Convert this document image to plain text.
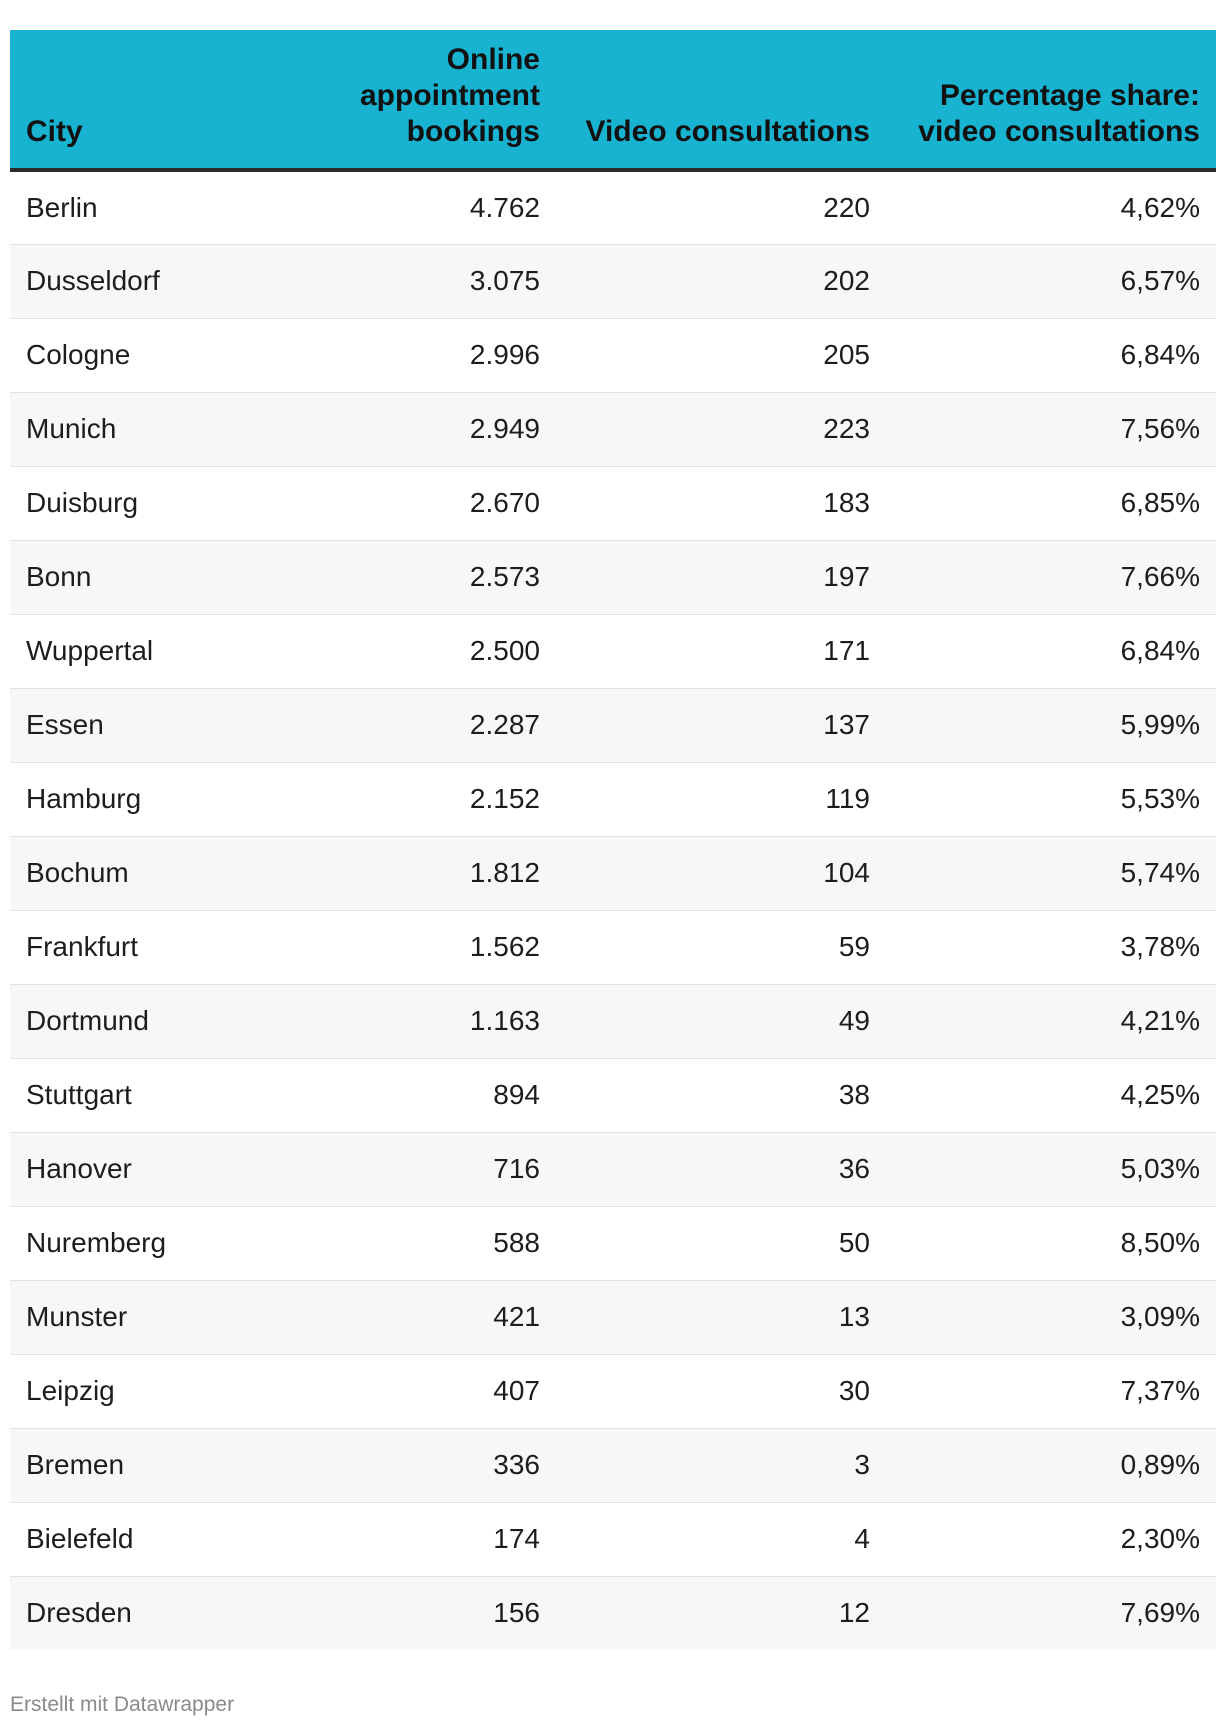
City	Online appointment bookings	Video consultations	Percentage share: video consultations
Berlin	4.762	220	4,62%
Dusseldorf	3.075	202	6,57%
Cologne	2.996	205	6,84%
Munich	2.949	223	7,56%
Duisburg	2.670	183	6,85%
Bonn	2.573	197	7,66%
Wuppertal	2.500	171	6,84%
Essen	2.287	137	5,99%
Hamburg	2.152	119	5,53%
Bochum	1.812	104	5,74%
Frankfurt	1.562	59	3,78%
Dortmund	1.163	49	4,21%
Stuttgart	894	38	4,25%
Hanover	716	36	5,03%
Nuremberg	588	50	8,50%
Munster	421	13	3,09%
Leipzig	407	30	7,37%
Bremen	336	3	0,89%
Bielefeld	174	4	2,30%
Dresden	156	12	7,69%
Erstellt mit Datawrapper
